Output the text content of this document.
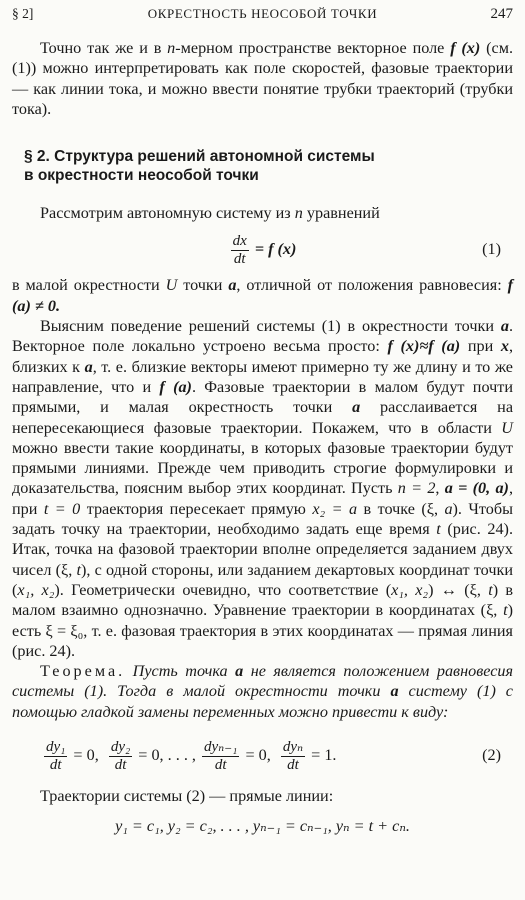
§ 2]	ОКРЕСТНОСТЬ НЕОСОБОЙ ТОЧКИ	247

Точно так же и в n-мерном пространстве векторное поле f (x) (см. (1)) можно интерпретировать как поле скоростей, фазовые траектории — как линии тока, и можно ввести понятие трубки траекторий (трубки тока).

§ 2. Структура решений автономной системы
в окрестности неособой точки

Рассмотрим автономную систему из n уравнений

$\frac{dx}{dt} = f$ (x)	(1)

в малой окрестности U точки a, отличной от положения равновесия: f (a) ≠ 0.

Выясним поведение решений системы (1) в окрестности точки a. Векторное поле локально устроено весьма просто: f (x)≈f (a) при x, близких к a, т. е. близкие векторы имеют примерно ту же длину и то же направление, что и f (a). Фазовые траектории в малом будут почти прямыми, и малая окрестность точки a расслаивается на непересекающиеся фазовые траектории. Покажем, что в области U можно ввести такие координаты, в которых фазовые траектории будут прямыми линиями. Прежде чем приводить строгие формулировки и доказательства, поясним выбор этих координат. Пусть n = 2, a = (0, a), при t = 0 траектория пересекает прямую x₂ = a в точке (ξ, a). Чтобы задать точку на траектории, необходимо задать еще время t (рис. 24). Итак, точка на фазовой траектории вполне определяется заданием двух чисел (ξ, t), с одной стороны, или заданием декартовых координат точки (x₁, x₂). Геометрически очевидно, что соответствие (x₁, x₂) ↔ (ξ, t) в малом взаимно однозначно. Уравнение траектории в координатах (ξ, t) есть ξ = ξ₀, т. е. фазовая траектория в этих координатах — прямая линия (рис. 24).

Теорема. Пусть точка a не является положением равновесия системы (1). Тогда в малой окрестности точки a систему (1) с помощью гладкой замены переменных можно привести к виду:

$\frac{\text{dy₁}}{dt} = 0$, $\frac{\text{dy₂}}{dt} = 0$, . . . , $\frac{\text{dyₙ₋₁}}{dt} = 0$, $\frac{\text{dyₙ}}{dt} = 1$.	(2)

Траектории системы (2) — прямые линии:

y₁ = c₁, y₂ = c₂, . . . , yₙ₋₁ = cₙ₋₁, yₙ = t + cₙ.
